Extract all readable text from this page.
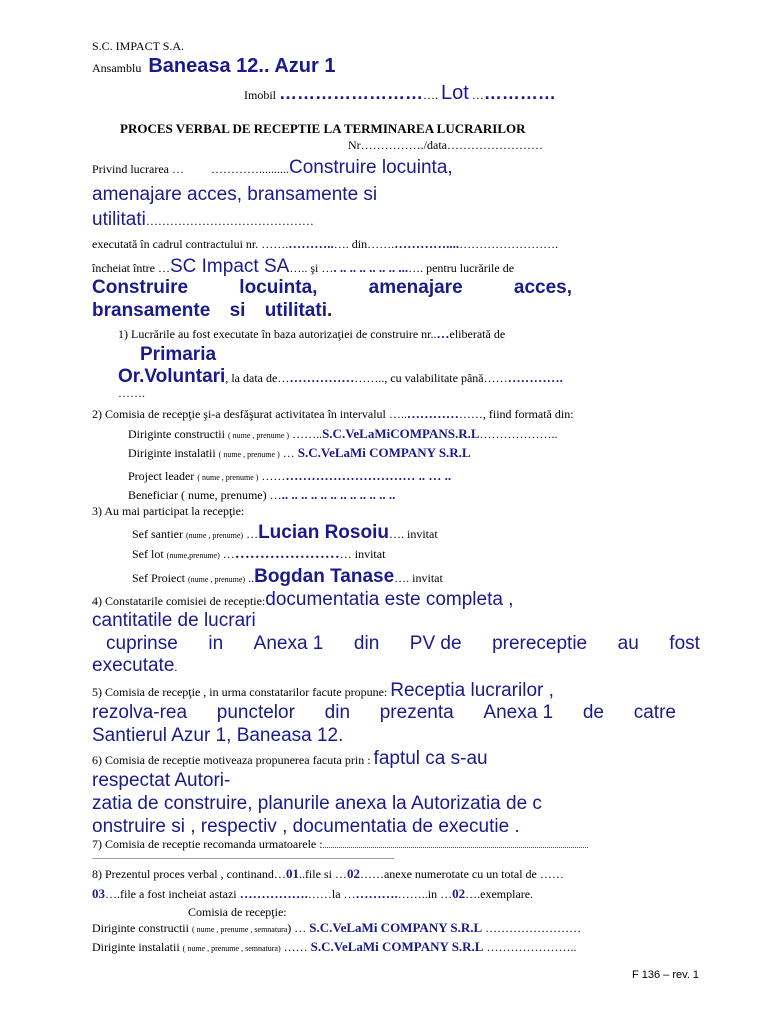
S.C. IMPACT S.A.
Ansamblu Baneasa 12.. Azur 1
Imobil ………………………. Lot ……………
PROCES VERBAL DE RECEPTIE LA TERMINAREA LUCRARILOR
Nr……………./data……………………
Privind lucrarea … …………..........Construire locuinta,
amenajare acces, bransamente si
utilitati……………………………………
executată în cadrul contractului nr. …….………..…. din…….…………....…………………….
încheiat între …SC Impact SA….. şi …. .. .. .. .. .. .. ...…. pentru lucrările de
Construire	locuinta,	amenajare	acces,
bransamente si utilitati.
1) Lucrările au fost executate în baza autorizaţiei de construire nr..…eliberată de
Primaria
Or.Voluntari, la data de…………………….., cu valabilitate până……………….
…….
2) Comisia de recepţie şi-a desfăşurat activitatea în intervalul …..………………, fiind formată din:
Diriginte constructii ( nume , prenume ) ……..S.C.VeLaMiCOMPANS.R.L………………..
Diriginte instalatii ( nume , prenume ) … S.C.VeLaMi COMPANY S.R.L
Project leader ( nume , prenume ) ……………………………… .. … ..
Beneficiar ( nume, prenume) ….. .. .. .. .. .. .. .. .. .. .. ..
3) Au mai participat la recepţie:
Sef santier (nume , prenume) …Lucian Rosoiu…. invitat
Sef lot (nume,prenume) ……………………… invitat
Sef Proiect (nume , prenume) ..Bogdan Tanase…. invitat
4) Constatarile comisiei de receptie:documentatia este completa ,
cantitatile de lucrari
cuprinse in Anexa 1 din PV de prereceptie au fost
executate.
5) Comisia de recepţie , in urma constatarilor facute propune: Receptia lucrarilor ,
rezolva-rea punctelor din prezenta Anexa 1 de catre
Santierul Azur 1, Baneasa 12.
6) Comisia de receptie motiveaza propunerea facuta prin : faptul ca s-au
respectat Autori-
zatia de construire, planurile anexa la Autorizatia de c
onstruire si , respectiv , documentatia de executie .
7) Comisia de receptie recomanda urmatoarele :.....................................................................................................................................
.......................................................................................................................................................
8) Prezentul proces verbal , continand…01..file si …02……anexe numerotate cu un total de ……
03….file a fost incheiat astazi …………….……la ………….……..in …02….exemplare.
Comisia de recepţie:
Diriginte constructii ( nume , prenume , semnatura) … S.C.VeLaMi COMPANY S.R.L ……………………
Diriginte instalatii ( nume , prenume , semnatura) …… S.C.VeLaMi COMPANY S.R.L …………………..
F 136 – rev. 1
